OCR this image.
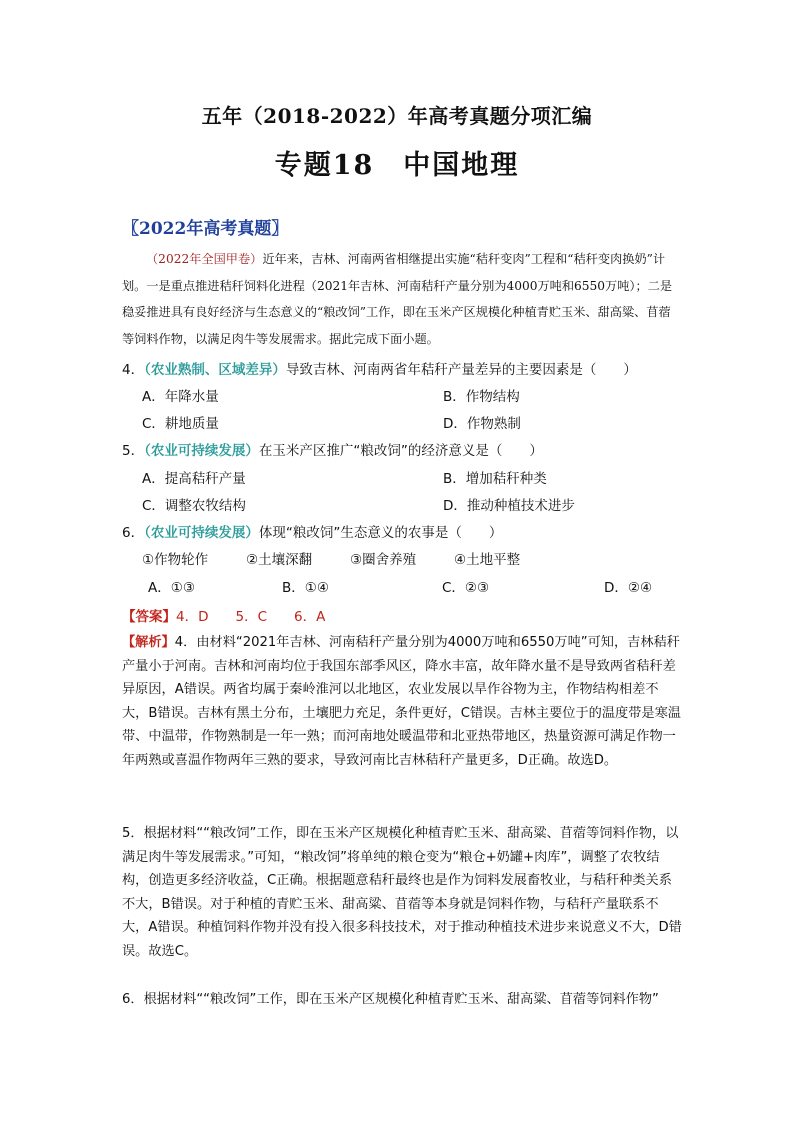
五年（2018-2022）年高考真题分项汇编
专题18　中国地理
〖2022年高考真题〗
（2022年全国甲卷）近年来，吉林、河南两省相继提出实施“秸秆变肉”工程和“秸秆变肉换奶”计划。一是重点推进秸秆饲料化进程（2021年吉林、河南秸秆产量分别为4000万吨和6550万吨）；二是稳妥推进具有良好经济与生态意义的“粮改饲”工作，即在玉米产区规模化种植青贮玉米、甜高粱、苜蓿等饲料作物，以满足肉牛等发展需求。据此完成下面小题。
4．（农业熟制、区域差异）导致吉林、河南两省年秸秆产量差异的主要因素是（　　）
A．年降水量	B．作物结构
C．耕地质量	D．作物熟制
5．（农业可持续发展）在玉米产区推广“粮改饲”的经济意义是（　　）
A．提高秸秆产量	B．增加秸秆种类
C．调整农牧结构	D．推动种植技术进步
6．（农业可持续发展）体现“粮改饲”生态意义的农事是（　　）
①作物轮作	②土壤深翻	③圈舍养殖	④土地平整
A．①③	B．①④	C．②③	D．②④
【答案】4．D　　5．C　　6．A
【解析】4．由材料“2021年吉林、河南秸秆产量分别为4000万吨和6550万吨”可知，吉林秸秆产量小于河南。吉林和河南均位于我国东部季风区，降水丰富，故年降水量不是导致两省秸秆差异原因，A错误。两省均属于秦岭淮河以北地区，农业发展以旱作谷物为主，作物结构相差不大，B错误。吉林有黑土分布，土壤肥力充足，条件更好，C错误。吉林主要位于的温度带是寒温带、中温带，作物熟制是一年一熟；而河南地处暖温带和北亚热带地区，热量资源可满足作物一年两熟或喜温作物两年三熟的要求，导致河南比吉林秸秆产量更多，D正确。故选D。
5．根据材料““粮改饲”工作，即在玉米产区规模化种植青贮玉米、甜高粱、苜蓿等饲料作物，以满足肉牛等发展需求。”可知，“粮改饲”将单纯的粮仓变为“粮仓+奶罐+肉库”，调整了农牧结构，创造更多经济收益，C正确。根据题意秸秆最终也是作为饲料发展畜牧业，与秸秆种类关系不大，B错误。对于种植的青贮玉米、甜高粱、苜蓿等本身就是饲料作物，与秸秆产量联系不大，A错误。种植饲料作物并没有投入很多科技技术，对于推动种植技术进步来说意义不大，D错误。故选C。
6．根据材料““粮改饲”工作，即在玉米产区规模化种植青贮玉米、甜高粱、苜蓿等饲料作物”
